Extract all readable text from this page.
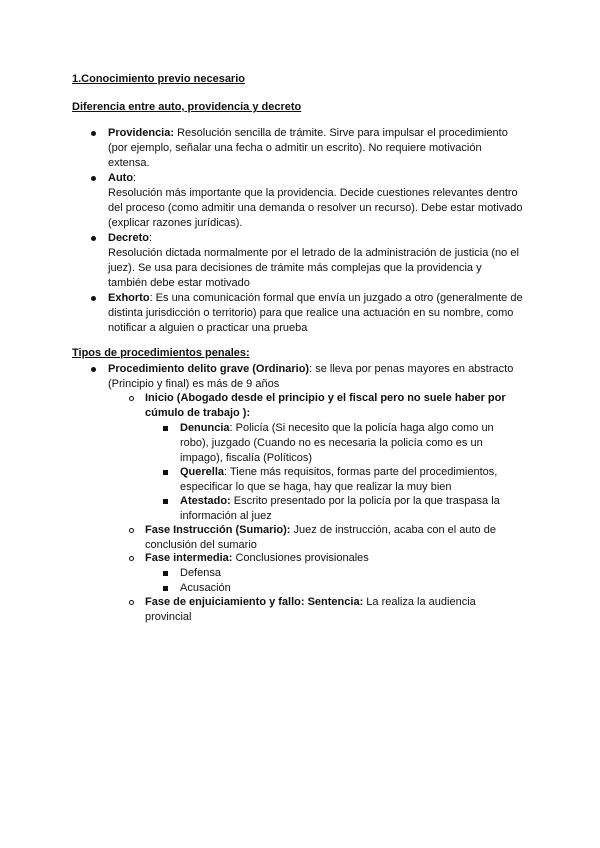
1.Conocimiento previo necesario
Diferencia entre auto, providencia y decreto
Providencia: Resolución sencilla de trámite. Sirve para impulsar el procedimiento
(por ejemplo, señalar una fecha o admitir un escrito). No requiere motivación
extensa.
Auto:
Resolución más importante que la providencia. Decide cuestiones relevantes dentro
del proceso (como admitir una demanda o resolver un recurso). Debe estar motivado
(explicar razones jurídicas).
Decreto:
Resolución dictada normalmente por el letrado de la administración de justicia (no el
juez). Se usa para decisiones de trámite más complejas que la providencia y
también debe estar motivado
Exhorto: Es una comunicación formal que envía un juzgado a otro (generalmente de
distinta jurisdicción o territorio) para que realice una actuación en su nombre, como
notificar a alguien o practicar una prueba
Tipos de procedimientos penales:
Procedimiento delito grave (Ordinario): se lleva por penas mayores en abstracto
(Principio y final) es más de 9 años
Inicio (Abogado desde el principio y el fiscal pero no suele haber por
cúmulo de trabajo ):
Denuncia: Policía (Si necesito que la policía haga algo como un
robo), juzgado (Cuando no es necesaria la policía como es un
impago), fiscalía (Políticos)
Querella: Tiene más requisitos, formas parte del procedimientos,
especificar lo que se haga, hay que realizar la muy bien
Atestado: Escrito presentado por la policía por la que traspasa la
información al juez
Fase Instrucción (Sumario): Juez de instrucción, acaba con el auto de
conclusión del sumario
Fase intermedia: Conclusiones provisionales
Defensa
Acusación
Fase de enjuiciamiento y fallo: Sentencia: La realiza la audiencia
provincial
